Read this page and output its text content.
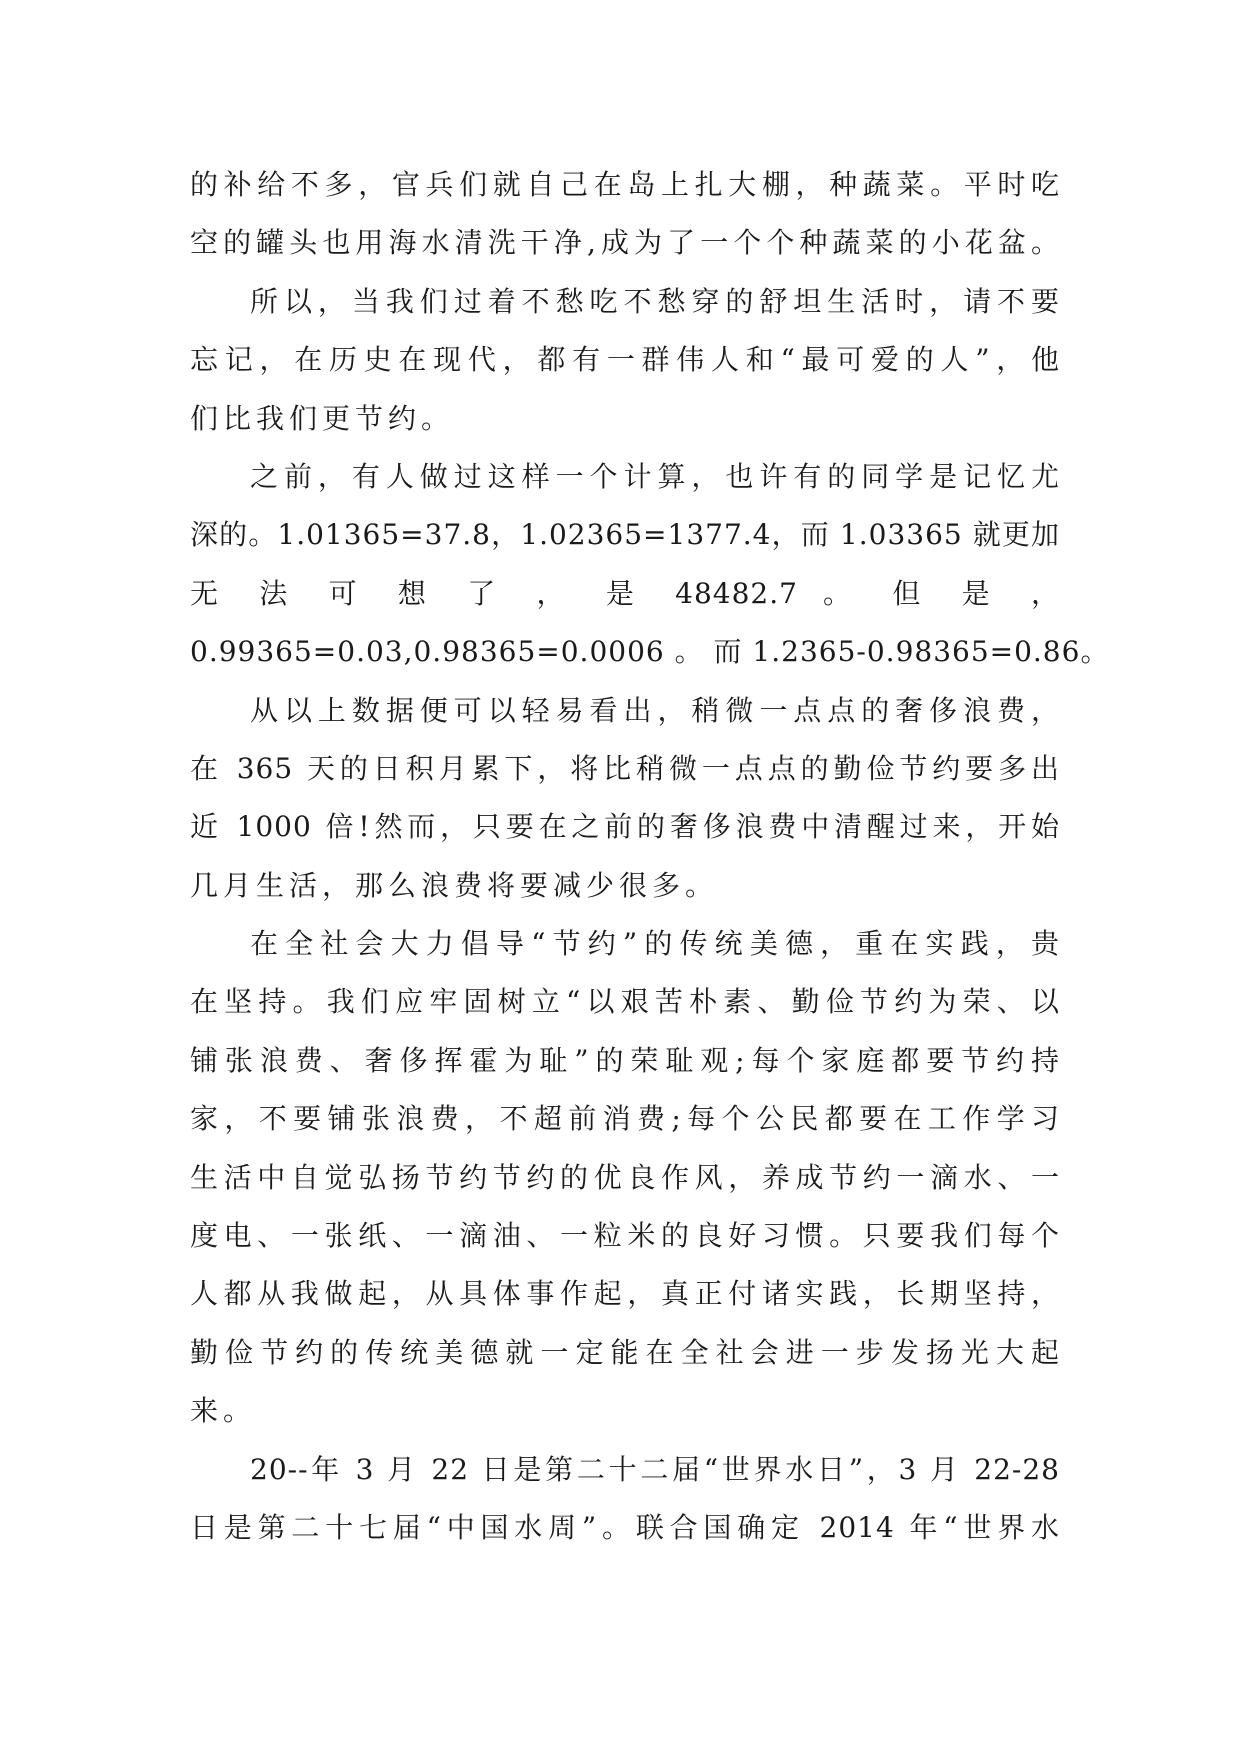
的补给不多，官兵们就自己在岛上扎大棚，种蔬菜。平时吃
空的罐头也用海水清洗干净,成为了一个个种蔬菜的小花盆。
所以，当我们过着不愁吃不愁穿的舒坦生活时，请不要
忘记，在历史在现代，都有一群伟人和“最可爱的人”，他
们比我们更节约。
之前，有人做过这样一个计算，也许有的同学是记忆尤
深的。1.01365=37.8，1.02365=1377.4，而 1.03365 就更加
无 法 可 想 了 ， 是 48482.7 。 但 是 ，
0.99365=0.03,0.98365=0.0006 。 而 1.2365-0.98365=0.86。
从以上数据便可以轻易看出，稍微一点点的奢侈浪费，
在 365 天的日积月累下，将比稍微一点点的勤俭节约要多出
近 1000 倍!然而，只要在之前的奢侈浪费中清醒过来，开始
几月生活，那么浪费将要减少很多。
在全社会大力倡导“节约”的传统美德，重在实践，贵
在坚持。我们应牢固树立“以艰苦朴素、勤俭节约为荣、以
铺张浪费、奢侈挥霍为耻”的荣耻观;每个家庭都要节约持
家，不要铺张浪费，不超前消费;每个公民都要在工作学习
生活中自觉弘扬节约节约的优良作风，养成节约一滴水、一
度电、一张纸、一滴油、一粒米的良好习惯。只要我们每个
人都从我做起，从具体事作起，真正付诸实践，长期坚持，
勤俭节约的传统美德就一定能在全社会进一步发扬光大起
来。
20--年 3 月 22 日是第二十二届“世界水日”，3 月 22-28
日是第二十七届“中国水周”。联合国确定 2014 年“世界水
